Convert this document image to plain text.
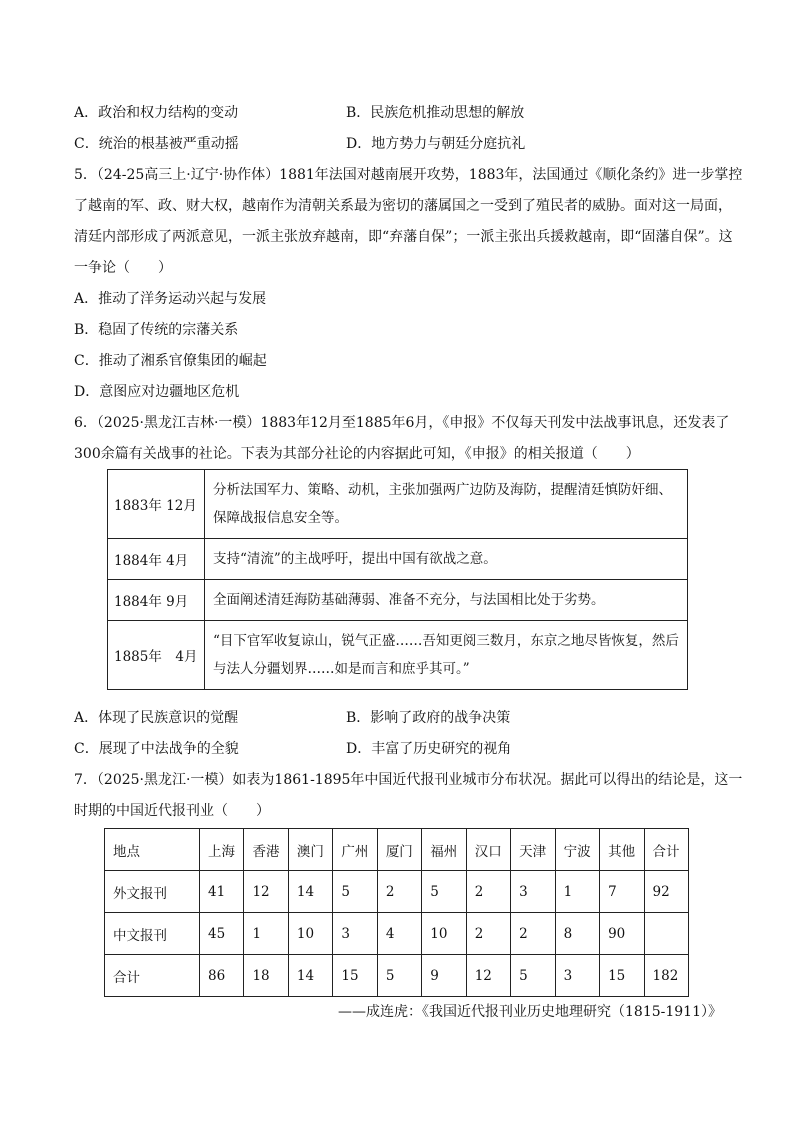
A．政治和权力结构的变动	B．民族危机推动思想的解放
C．统治的根基被严重动摇	D．地方势力与朝廷分庭抗礼
5．（24-25高三上·辽宁·协作体）1881年法国对越南展开攻势，1883年，法国通过《顺化条约》进一步掌控
了越南的军、政、财大权，越南作为清朝关系最为密切的藩属国之一受到了殖民者的威胁。面对这一局面，
清廷内部形成了两派意见，一派主张放弃越南，即“弃藩自保”；一派主张出兵援救越南，即“固藩自保”。这
一争论（　　）
A．推动了洋务运动兴起与发展
B．稳固了传统的宗藩关系
C．推动了湘系官僚集团的崛起
D．意图应对边疆地区危机
6．（2025·黑龙江吉林·一模）1883年12月至1885年6月，《申报》不仅每天刊发中法战事讯息，还发表了
300余篇有关战事的社论。下表为其部分社论的内容据此可知，《申报》的相关报道（　　）
1883年 12月	分析法国军力、策略、动机，主张加强两广边防及海防，提醒清廷慎防奸细、保障战报信息安全等。
1884年 4月	支持“清流”的主战呼吁，提出中国有欲战之意。
1884年 9月	全面阐述清廷海防基础薄弱、准备不充分，与法国相比处于劣势。
1885年　4月	“目下官军收复谅山，锐气正盛……吾知更阅三数月，东京之地尽皆恢复，然后与法人分疆划界……如是而言和庶乎其可。”
A．体现了民族意识的觉醒	B．影响了政府的战争决策
C．展现了中法战争的全貌	D．丰富了历史研究的视角
7．（2025·黑龙江·一模）如表为1861-1895年中国近代报刊业城市分布状况。据此可以得出的结论是，这一
时期的中国近代报刊业（　　）
地点	上海	香港	澳门	广州	厦门	福州	汉口	天津	宁波	其他	合计
外文报刊	41	12	14	5	2	5	2	3	1	7	92
中文报刊	45	1	10	3	4	10	2	2	8	90	
合计	86	18	14	15	5	9	12	5	3	15	182
——成连虎：《我国近代报刊业历史地理研究（1815-1911）》
